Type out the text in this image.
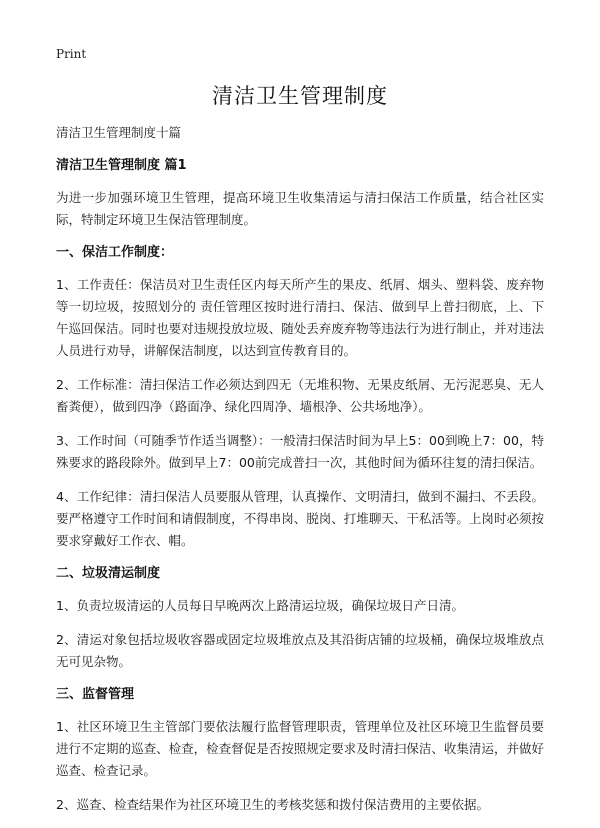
Print
清洁卫生管理制度
清洁卫生管理制度十篇
清洁卫生管理制度 篇1
为进一步加强环境卫生管理，提高环境卫生收集清运与清扫保洁工作质量，结合社区实际，特制定环境卫生保洁管理制度。
一、保洁工作制度：
1、工作责任：保洁员对卫生责任区内每天所产生的果皮、纸屑、烟头、塑料袋、废弃物等一切垃圾，按照划分的 责任管理区按时进行清扫、保洁、做到早上普扫彻底，上、下午巡回保洁。同时也要对违规投放垃圾、随处丢弃废弃物等违法行为进行制止，并对违法人员进行劝导，讲解保洁制度，以达到宣传教育目的。
2、工作标准：清扫保洁工作必须达到四无（无堆积物、无果皮纸屑、无污泥恶臭、无人畜粪便），做到四净（路面净、绿化四周净、墙根净、公共场地净）。
3、工作时间（可随季节作适当调整）：一般清扫保洁时间为早上5：00到晚上7：00，特殊要求的路段除外。做到早上7：00前完成普扫一次，其他时间为循环往复的清扫保洁。
4、工作纪律：清扫保洁人员要服从管理，认真操作、文明清扫，做到不漏扫、不丢段。要严格遵守工作时间和请假制度，不得串岗、脱岗、打堆聊天、干私活等。上岗时必须按要求穿戴好工作衣、帽。
二、垃圾清运制度
1、负责垃圾清运的人员每日早晚两次上路清运垃圾，确保垃圾日产日清。
2、清运对象包括垃圾收容器或固定垃圾堆放点及其沿街店铺的垃圾桶，确保垃圾堆放点无可见杂物。
三、监督管理
1、社区环境卫生主管部门要依法履行监督管理职责，管理单位及社区环境卫生监督员要进行不定期的巡查、检查，检查督促是否按照规定要求及时清扫保洁、收集清运，并做好巡查、检查记录。
2、巡查、检查结果作为社区环境卫生的考核奖惩和拨付保洁费用的主要依据。
